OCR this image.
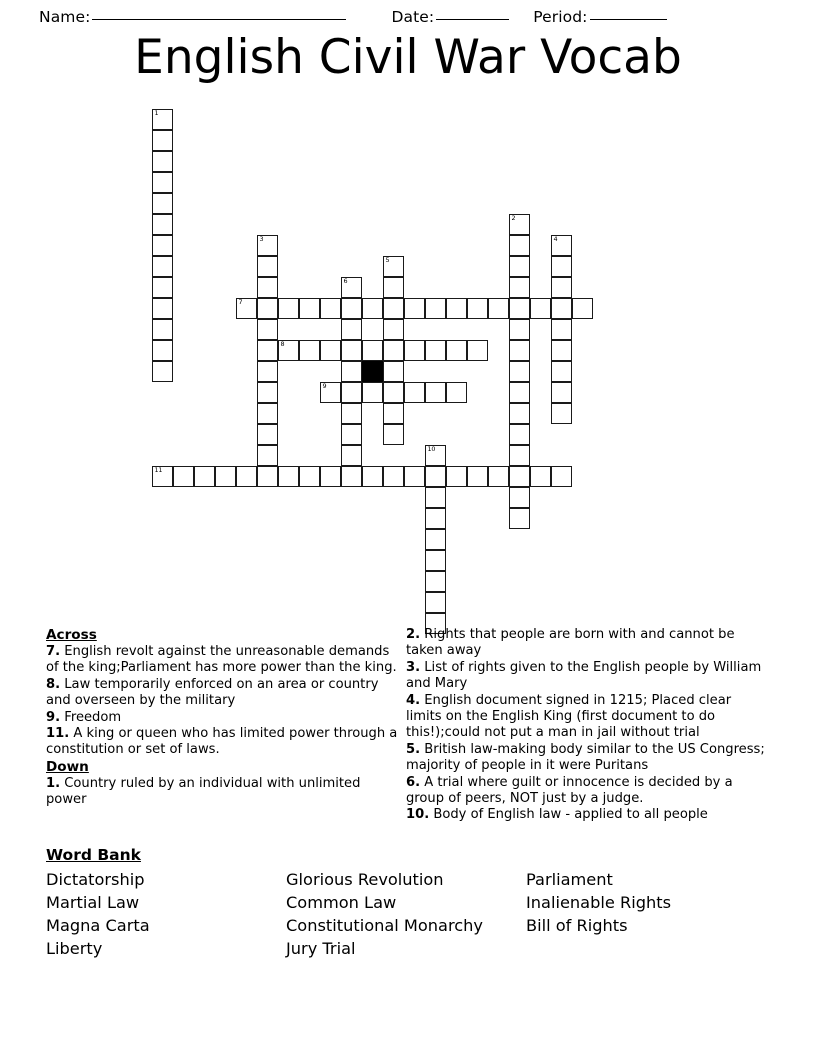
Name:	Date:	Period:
English Civil War Vocab
1
2
3	4
5
6
7
8
9
10
11
Across
7. English revolt against the unreasonable demands of the king;Parliament has more power than the king.
8. Law temporarily enforced on an area or country and overseen by the military
9. Freedom
11. A king or queen who has limited power through a constitution or set of laws.
Down
1. Country ruled by an individual with unlimited power
2. Rights that people are born with and cannot be taken away
3. List of rights given to the English people by William and Mary
4. English document signed in 1215; Placed clear limits on the English King (first document to do this!);could not put a man in jail without trial
5. British law-making body similar to the US Congress; majority of people in it were Puritans
6. A trial where guilt or innocence is decided by a group of peers, NOT just by a judge.
10. Body of English law - applied to all people
Word Bank
Dictatorship	Glorious Revolution	Parliament
Martial Law	Common Law	Inalienable Rights
Magna Carta	Constitutional Monarchy	Bill of Rights
Liberty	Jury Trial
